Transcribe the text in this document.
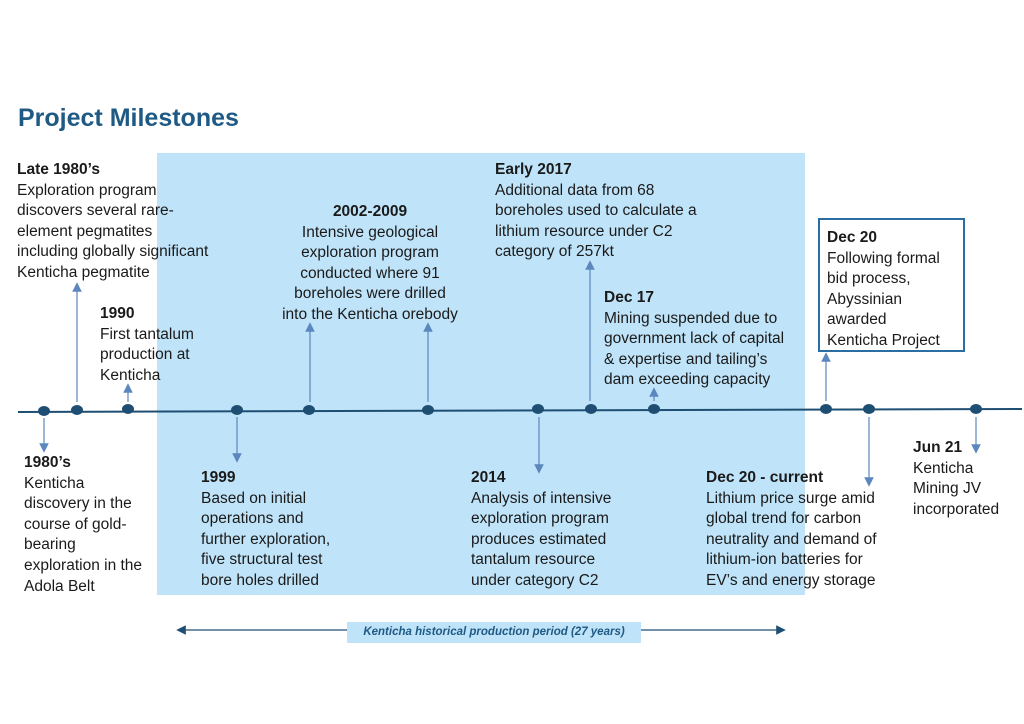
Project Milestones
Late 1980’s
Exploration program
discovers several rare-
element pegmatites
including globally significant
Kenticha pegmatite
1990
First tantalum
production at
Kenticha
2002-2009
Intensive geological
exploration program
conducted where 91
boreholes were drilled
into the Kenticha orebody
Early 2017
Additional data from 68
boreholes used to calculate a
lithium resource under C2
category of 257kt
Dec 17
Mining suspended due to
government lack of capital
& expertise and tailing’s
dam exceeding capacity
Dec 20
Following formal
bid process,
Abyssinian
awarded
Kenticha Project
1980’s
Kenticha
discovery in the
course of gold-
bearing
exploration in the
Adola Belt
1999
Based on initial
operations and
further exploration,
five structural test
bore holes drilled
2014
Analysis of intensive
exploration program
produces estimated
tantalum resource
under category C2
Dec 20 - current
Lithium price surge amid
global trend for carbon
neutrality and demand of
lithium-ion batteries for
EV’s and energy storage
Jun 21
Kenticha
Mining JV
incorporated
Kenticha historical production period (27 years)
